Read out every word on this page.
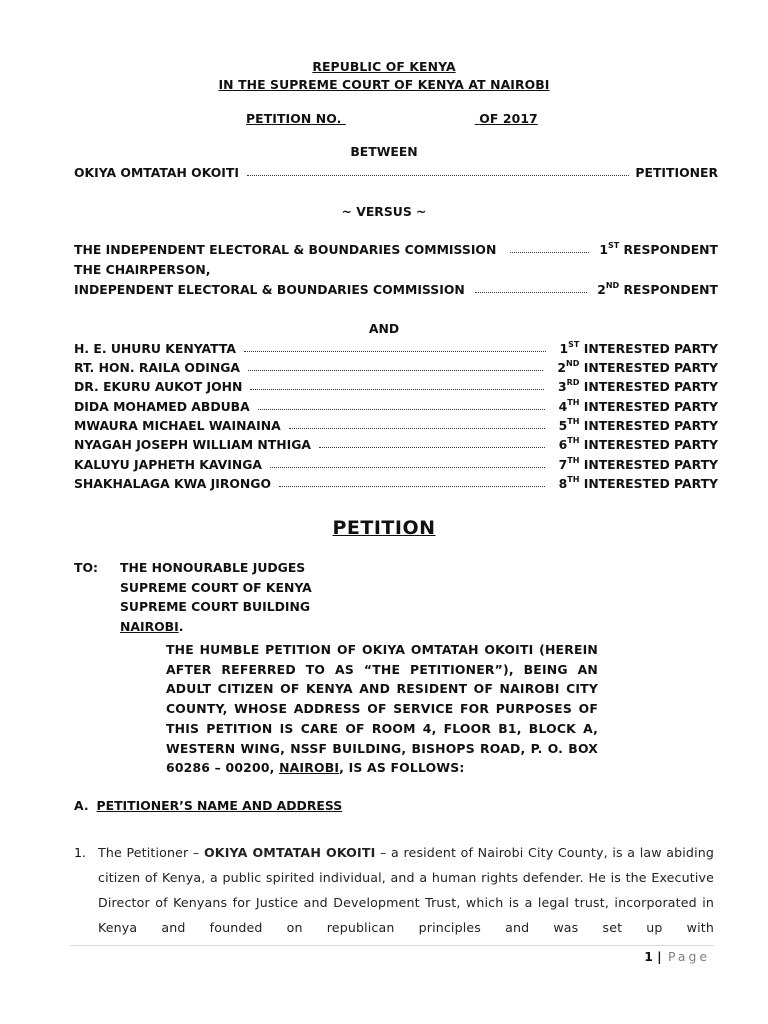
REPUBLIC OF KENYA
IN THE SUPREME COURT OF KENYA AT NAIROBI
PETITION NO.	OF 2017
BETWEEN
OKIYA OMTATAH OKOITI	PETITIONER
~ VERSUS ~
THE INDEPENDENT ELECTORAL & BOUNDARIES COMMISSION	1ST RESPONDENT
THE CHAIRPERSON,
INDEPENDENT ELECTORAL & BOUNDARIES COMMISSION	2ND RESPONDENT
AND
H. E. UHURU KENYATTA	1ST INTERESTED PARTY
RT. HON. RAILA ODINGA	2ND INTERESTED PARTY
DR. EKURU AUKOT JOHN	3RD INTERESTED PARTY
DIDA MOHAMED ABDUBA	4TH INTERESTED PARTY
MWAURA MICHAEL WAINAINA	5TH INTERESTED PARTY
NYAGAH JOSEPH WILLIAM NTHIGA	6TH INTERESTED PARTY
KALUYU JAPHETH KAVINGA	7TH INTERESTED PARTY
SHAKHALAGA KWA JIRONGO	8TH INTERESTED PARTY
PETITION
TO: THE HONOURABLE JUDGES
SUPREME COURT OF KENYA
SUPREME COURT BUILDING
NAIROBI.
THE HUMBLE PETITION OF OKIYA OMTATAH OKOITI (HEREIN AFTER REFERRED TO AS “THE PETITIONER”), BEING AN ADULT CITIZEN OF KENYA AND RESIDENT OF NAIROBI CITY COUNTY, WHOSE ADDRESS OF SERVICE FOR PURPOSES OF THIS PETITION IS CARE OF ROOM 4, FLOOR B1, BLOCK A, WESTERN WING, NSSF BUILDING, BISHOPS ROAD, P. O. BOX 60286 – 00200, NAIROBI, IS AS FOLLOWS:
A. PETITIONER’S NAME AND ADDRESS
1. The Petitioner – OKIYA OMTATAH OKOITI – a resident of Nairobi City County, is a law abiding citizen of Kenya, a public spirited individual, and a human rights defender. He is the Executive Director of Kenyans for Justice and Development Trust, which is a legal trust, incorporated in Kenya and founded on republican principles and was set up with
1 | Page
